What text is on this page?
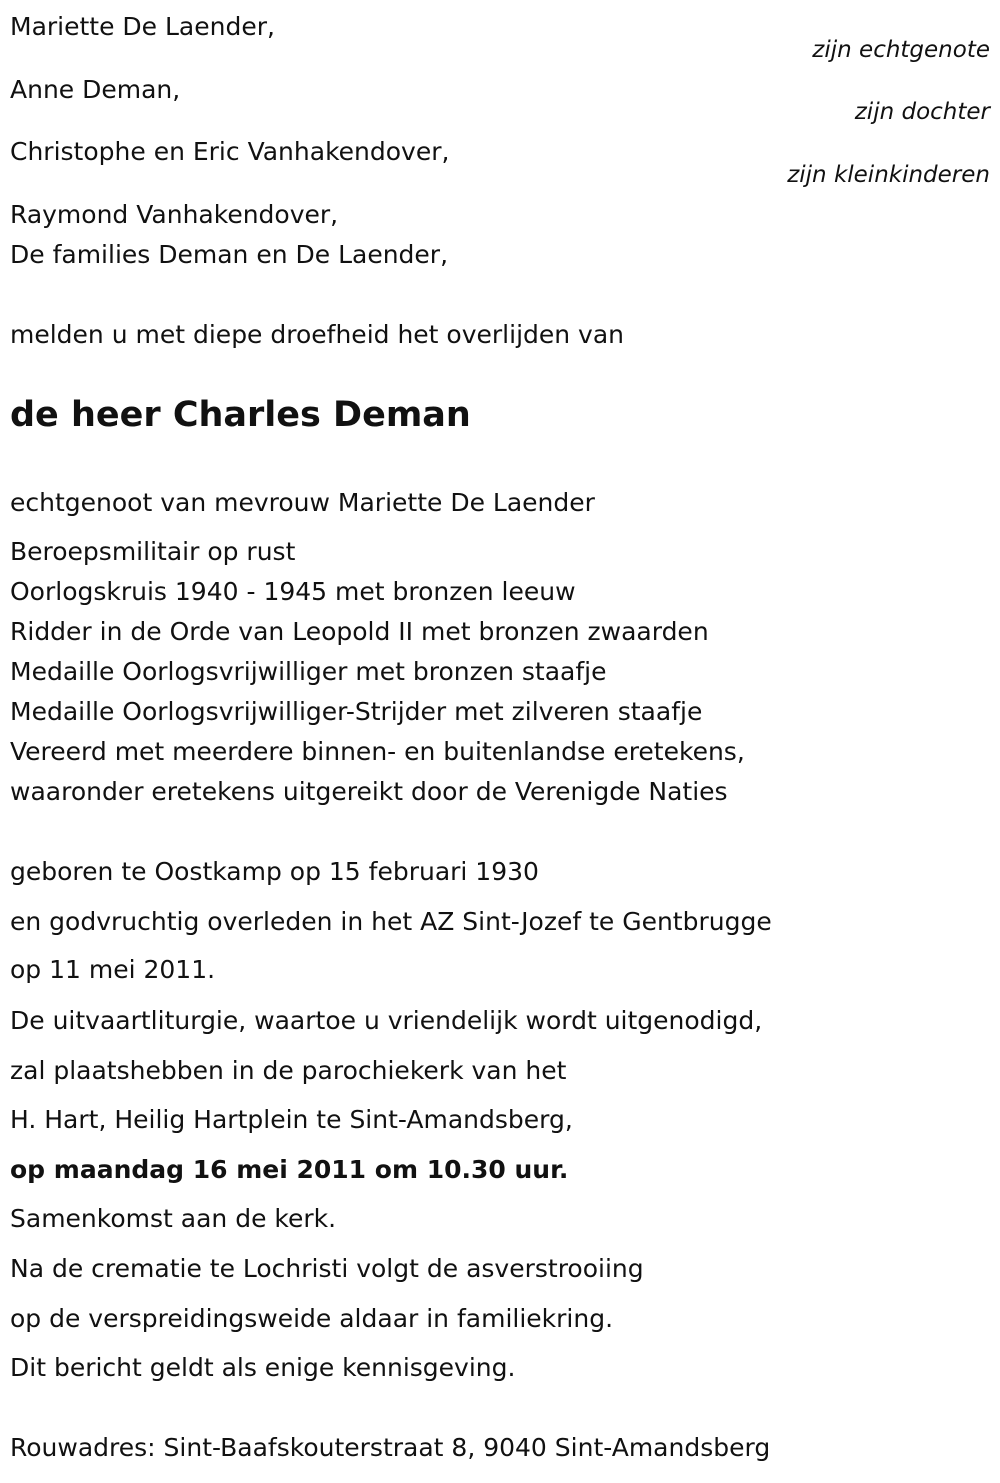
Mariette De Laender,
zijn echtgenote
Anne Deman,
zijn dochter
Christophe en Eric Vanhakendover,
zijn kleinkinderen
Raymond Vanhakendover,
De families Deman en De Laender,
melden u met diepe droefheid het overlijden van
de heer Charles Deman
echtgenoot van mevrouw Mariette De Laender
Beroepsmilitair op rust
Oorlogskruis 1940 - 1945 met bronzen leeuw
Ridder in de Orde van Leopold II met bronzen zwaarden
Medaille Oorlogsvrijwilliger met bronzen staafje
Medaille Oorlogsvrijwilliger-Strijder met zilveren staafje
Vereerd met meerdere binnen- en buitenlandse eretekens,
waaronder eretekens uitgereikt door de Verenigde Naties
geboren te Oostkamp op 15 februari 1930
en godvruchtig overleden in het AZ Sint-Jozef te Gentbrugge
op 11 mei 2011.
De uitvaartliturgie, waartoe u vriendelijk wordt uitgenodigd,
zal plaatshebben in de parochiekerk van het
H. Hart, Heilig Hartplein te Sint-Amandsberg,
op maandag 16 mei 2011 om 10.30 uur.
Samenkomst aan de kerk.
Na de crematie te Lochristi volgt de asverstrooiing
op de verspreidingsweide aldaar in familiekring.
Dit bericht geldt als enige kennisgeving.
Rouwadres: Sint-Baafskouterstraat 8, 9040 Sint-Amandsberg
